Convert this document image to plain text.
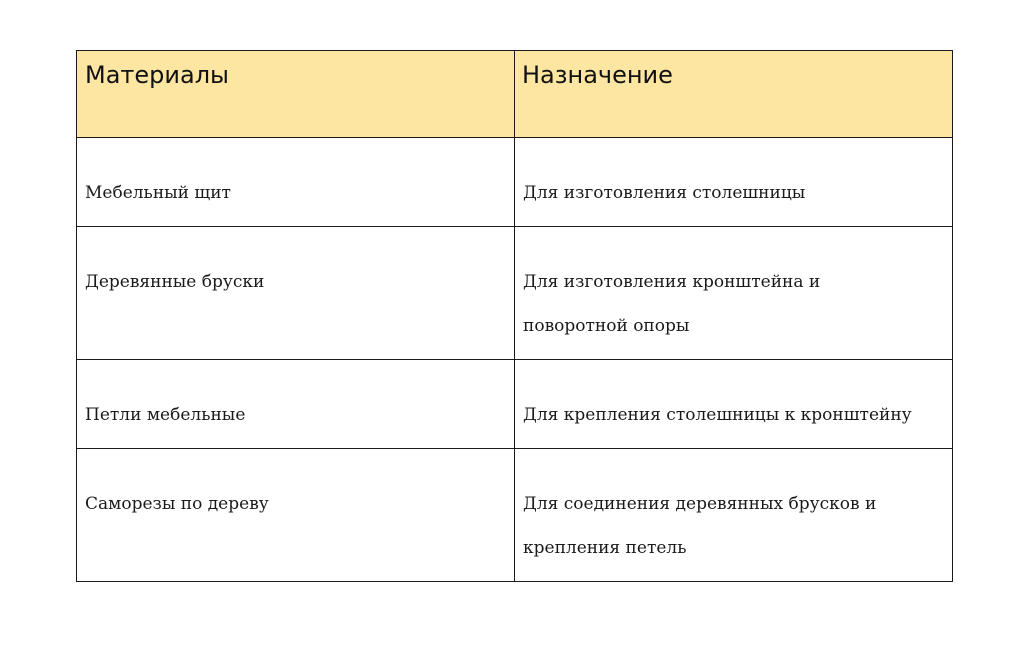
Материалы	Назначение

Мебельный щит	Для изготовления столешницы

Деревянные бруски	Для изготовления кронштейна и
поворотной опоры

Петли мебельные	Для крепления столешницы к кронштейну

Саморезы по дереву	Для соединения деревянных брусков и
крепления петель
